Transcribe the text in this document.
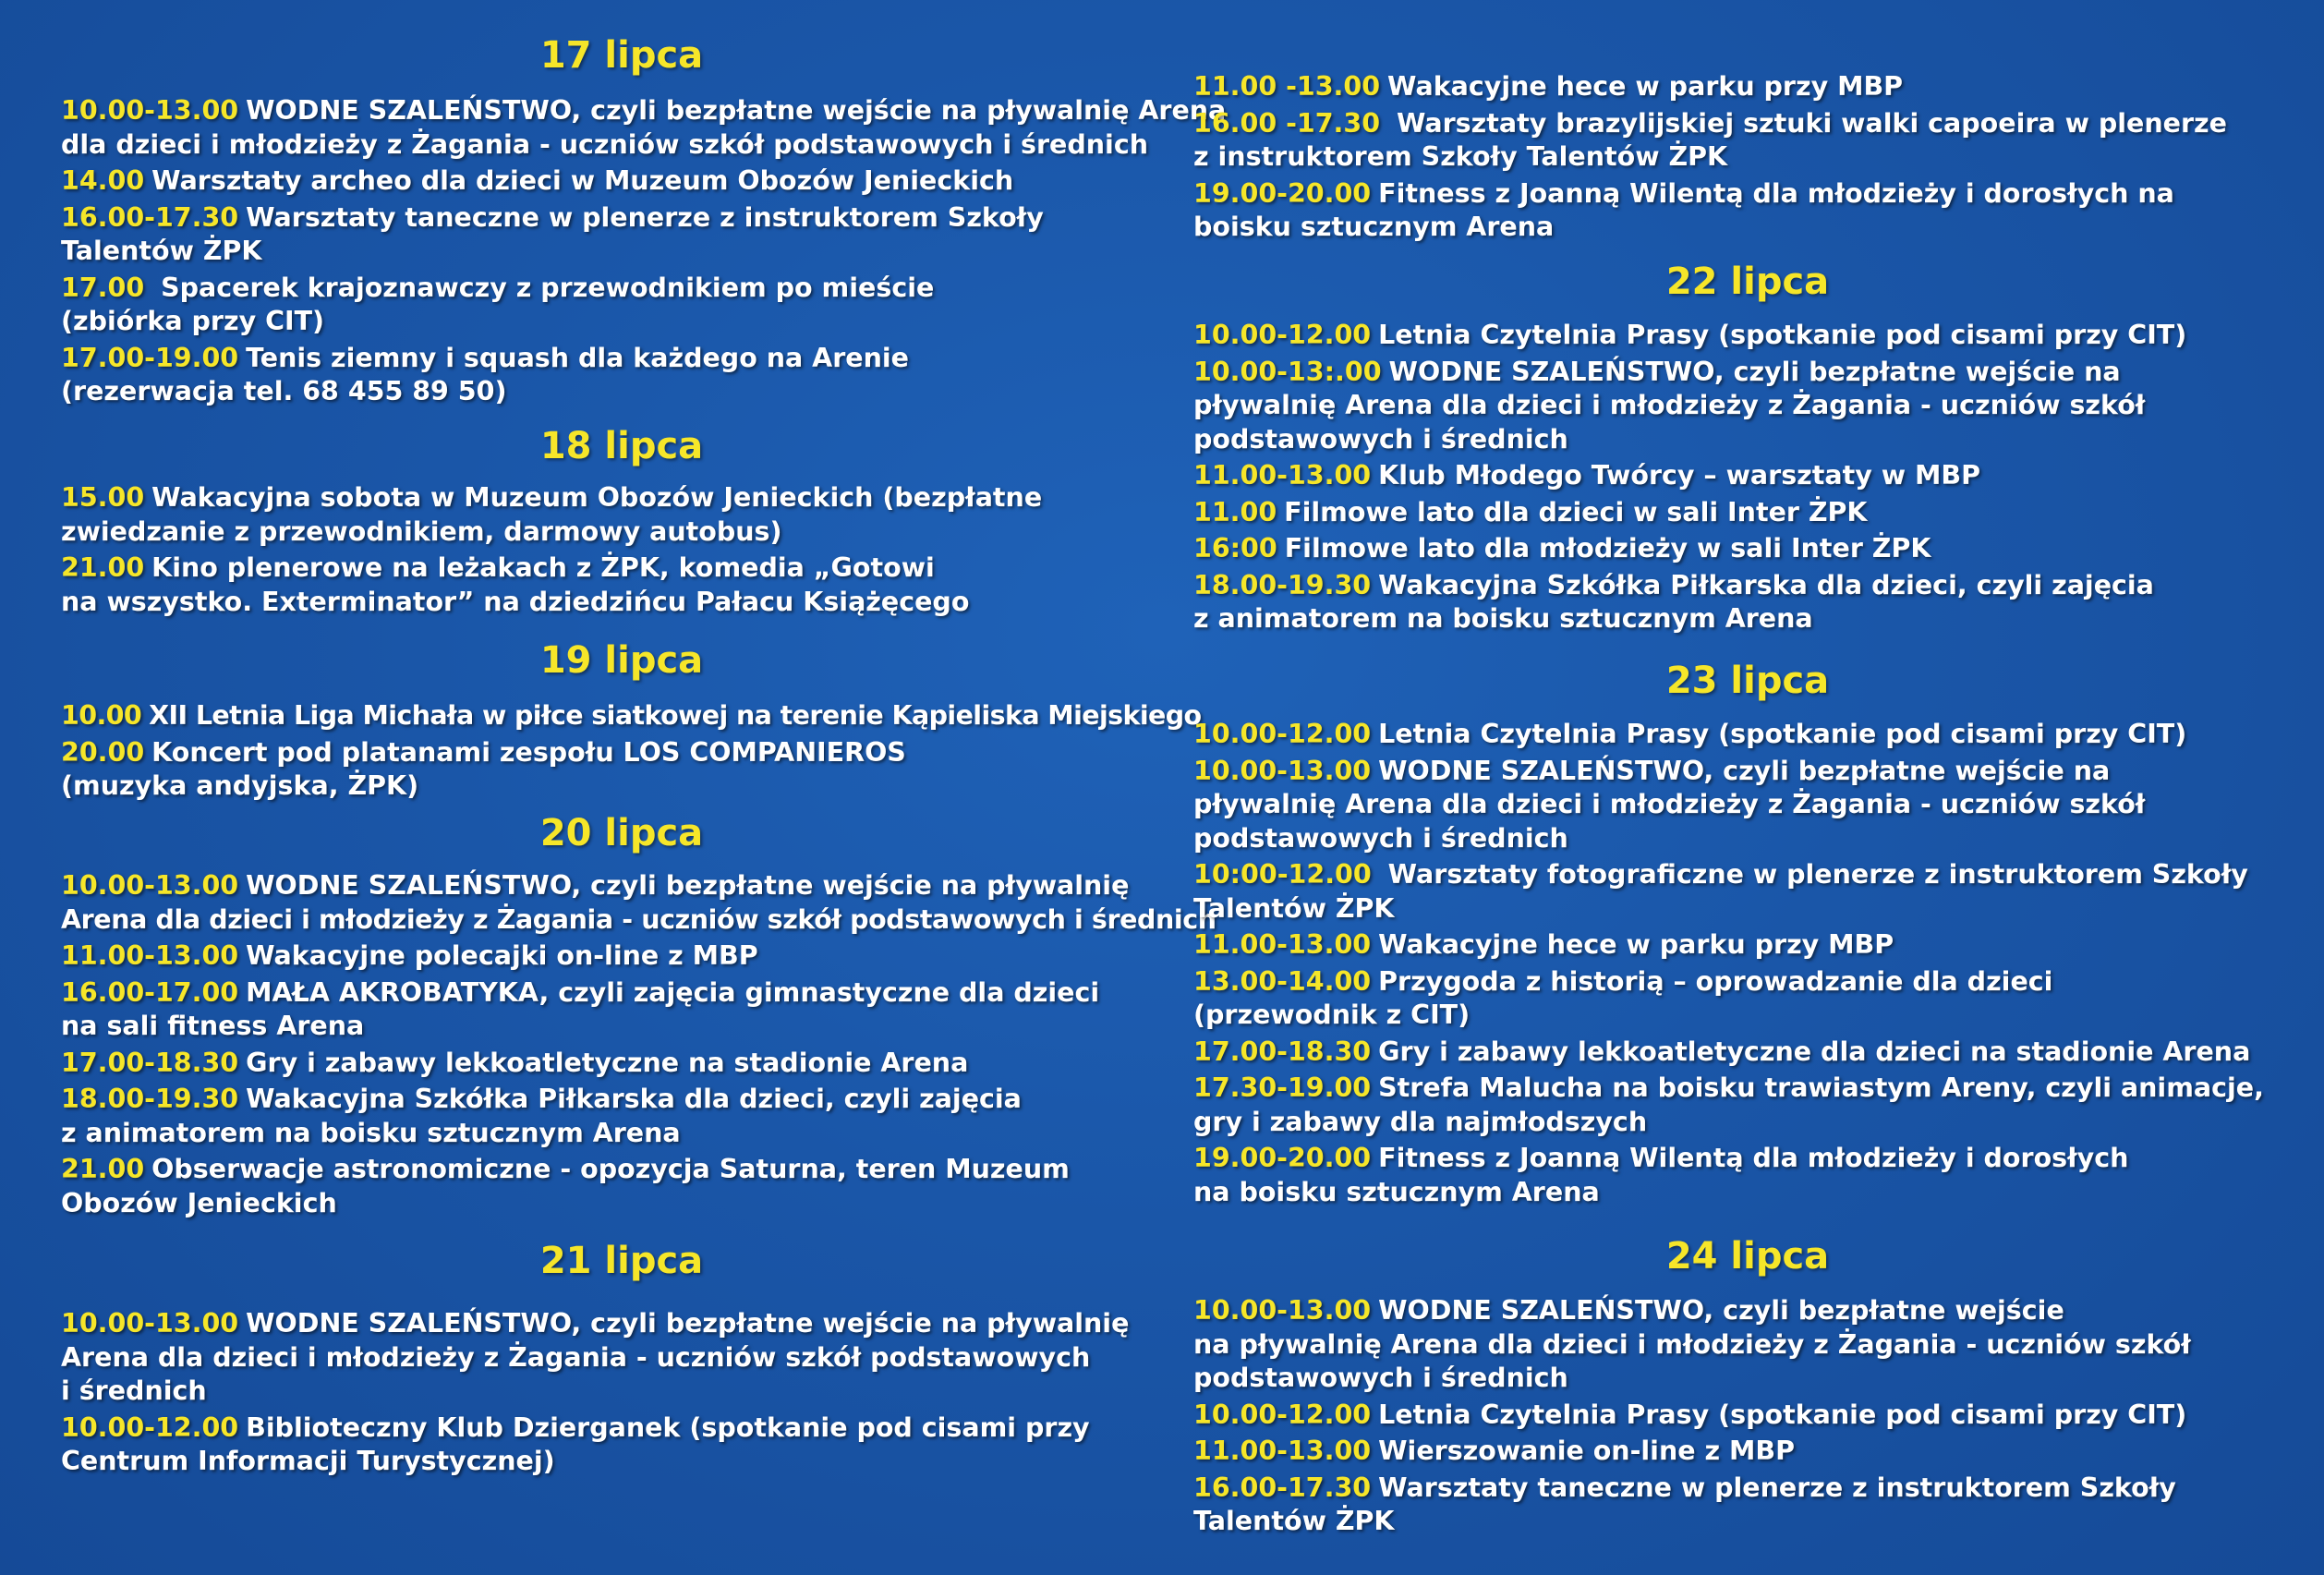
17 lipca
10.00-13.00 WODNE SZALEŃSTWO, czyli bezpłatne wejście na pływalnię Arena
dla dzieci i młodzieży z Żagania - uczniów szkół podstawowych i średnich
14.00 Warsztaty archeo dla dzieci w Muzeum Obozów Jenieckich
16.00-17.30 Warsztaty taneczne w plenerze z instruktorem Szkoły
Talentów ŻPK
17.00 Spacerek krajoznawczy z przewodnikiem po mieście
(zbiórka przy CIT)
17.00-19.00 Tenis ziemny i squash dla każdego na Arenie
(rezerwacja tel. 68 455 89 50)
18 lipca
15.00 Wakacyjna sobota w Muzeum Obozów Jenieckich (bezpłatne
zwiedzanie z przewodnikiem, darmowy autobus)
21.00 Kino plenerowe na leżakach z ŻPK, komedia „Gotowi
na wszystko. Exterminator” na dziedzińcu Pałacu Książęcego
19 lipca
10.00 XII Letnia Liga Michała w piłce siatkowej na terenie Kąpieliska Miejskiego
20.00 Koncert pod platanami zespołu LOS COMPANIEROS
(muzyka andyjska, ŻPK)
20 lipca
10.00-13.00 WODNE SZALEŃSTWO, czyli bezpłatne wejście na pływalnię
Arena dla dzieci i młodzieży z Żagania - uczniów szkół podstawowych i średnich
11.00-13.00 Wakacyjne polecajki on-line z MBP
16.00-17.00 MAŁA AKROBATYKA, czyli zajęcia gimnastyczne dla dzieci
na sali fitness Arena
17.00-18.30 Gry i zabawy lekkoatletyczne na stadionie Arena
18.00-19.30 Wakacyjna Szkółka Piłkarska dla dzieci, czyli zajęcia
z animatorem na boisku sztucznym Arena
21.00 Obserwacje astronomiczne - opozycja Saturna, teren Muzeum
Obozów Jenieckich
21 lipca
10.00-13.00 WODNE SZALEŃSTWO, czyli bezpłatne wejście na pływalnię
Arena dla dzieci i młodzieży z Żagania - uczniów szkół podstawowych
i średnich
10.00-12.00 Biblioteczny Klub Dzierganek (spotkanie pod cisami przy
Centrum Informacji Turystycznej)
11.00 -13.00 Wakacyjne hece w parku przy MBP
16.00 -17.30 Warsztaty brazylijskiej sztuki walki capoeira w plenerze
z instruktorem Szkoły Talentów ŻPK
19.00-20.00 Fitness z Joanną Wilentą dla młodzieży i dorosłych na
boisku sztucznym Arena
22 lipca
10.00-12.00 Letnia Czytelnia Prasy (spotkanie pod cisami przy CIT)
10.00-13:.00 WODNE SZALEŃSTWO, czyli bezpłatne wejście na
pływalnię Arena dla dzieci i młodzieży z Żagania - uczniów szkół
podstawowych i średnich
11.00-13.00 Klub Młodego Twórcy – warsztaty w MBP
11.00 Filmowe lato dla dzieci w sali Inter ŻPK
16:00 Filmowe lato dla młodzieży w sali Inter ŻPK
18.00-19.30 Wakacyjna Szkółka Piłkarska dla dzieci, czyli zajęcia
z animatorem na boisku sztucznym Arena
23 lipca
10.00-12.00 Letnia Czytelnia Prasy (spotkanie pod cisami przy CIT)
10.00-13.00 WODNE SZALEŃSTWO, czyli bezpłatne wejście na
pływalnię Arena dla dzieci i młodzieży z Żagania - uczniów szkół
podstawowych i średnich
10:00-12.00 Warsztaty fotograficzne w plenerze z instruktorem Szkoły
Talentów ŻPK
11.00-13.00 Wakacyjne hece w parku przy MBP
13.00-14.00 Przygoda z historią – oprowadzanie dla dzieci
(przewodnik z CIT)
17.00-18.30 Gry i zabawy lekkoatletyczne dla dzieci na stadionie Arena
17.30-19.00 Strefa Malucha na boisku trawiastym Areny, czyli animacje,
gry i zabawy dla najmłodszych
19.00-20.00 Fitness z Joanną Wilentą dla młodzieży i dorosłych
na boisku sztucznym Arena
24 lipca
10.00-13.00 WODNE SZALEŃSTWO, czyli bezpłatne wejście
na pływalnię Arena dla dzieci i młodzieży z Żagania - uczniów szkół
podstawowych i średnich
10.00-12.00 Letnia Czytelnia Prasy (spotkanie pod cisami przy CIT)
11.00-13.00 Wierszowanie on-line z MBP
16.00-17.30 Warsztaty taneczne w plenerze z instruktorem Szkoły
Talentów ŻPK
